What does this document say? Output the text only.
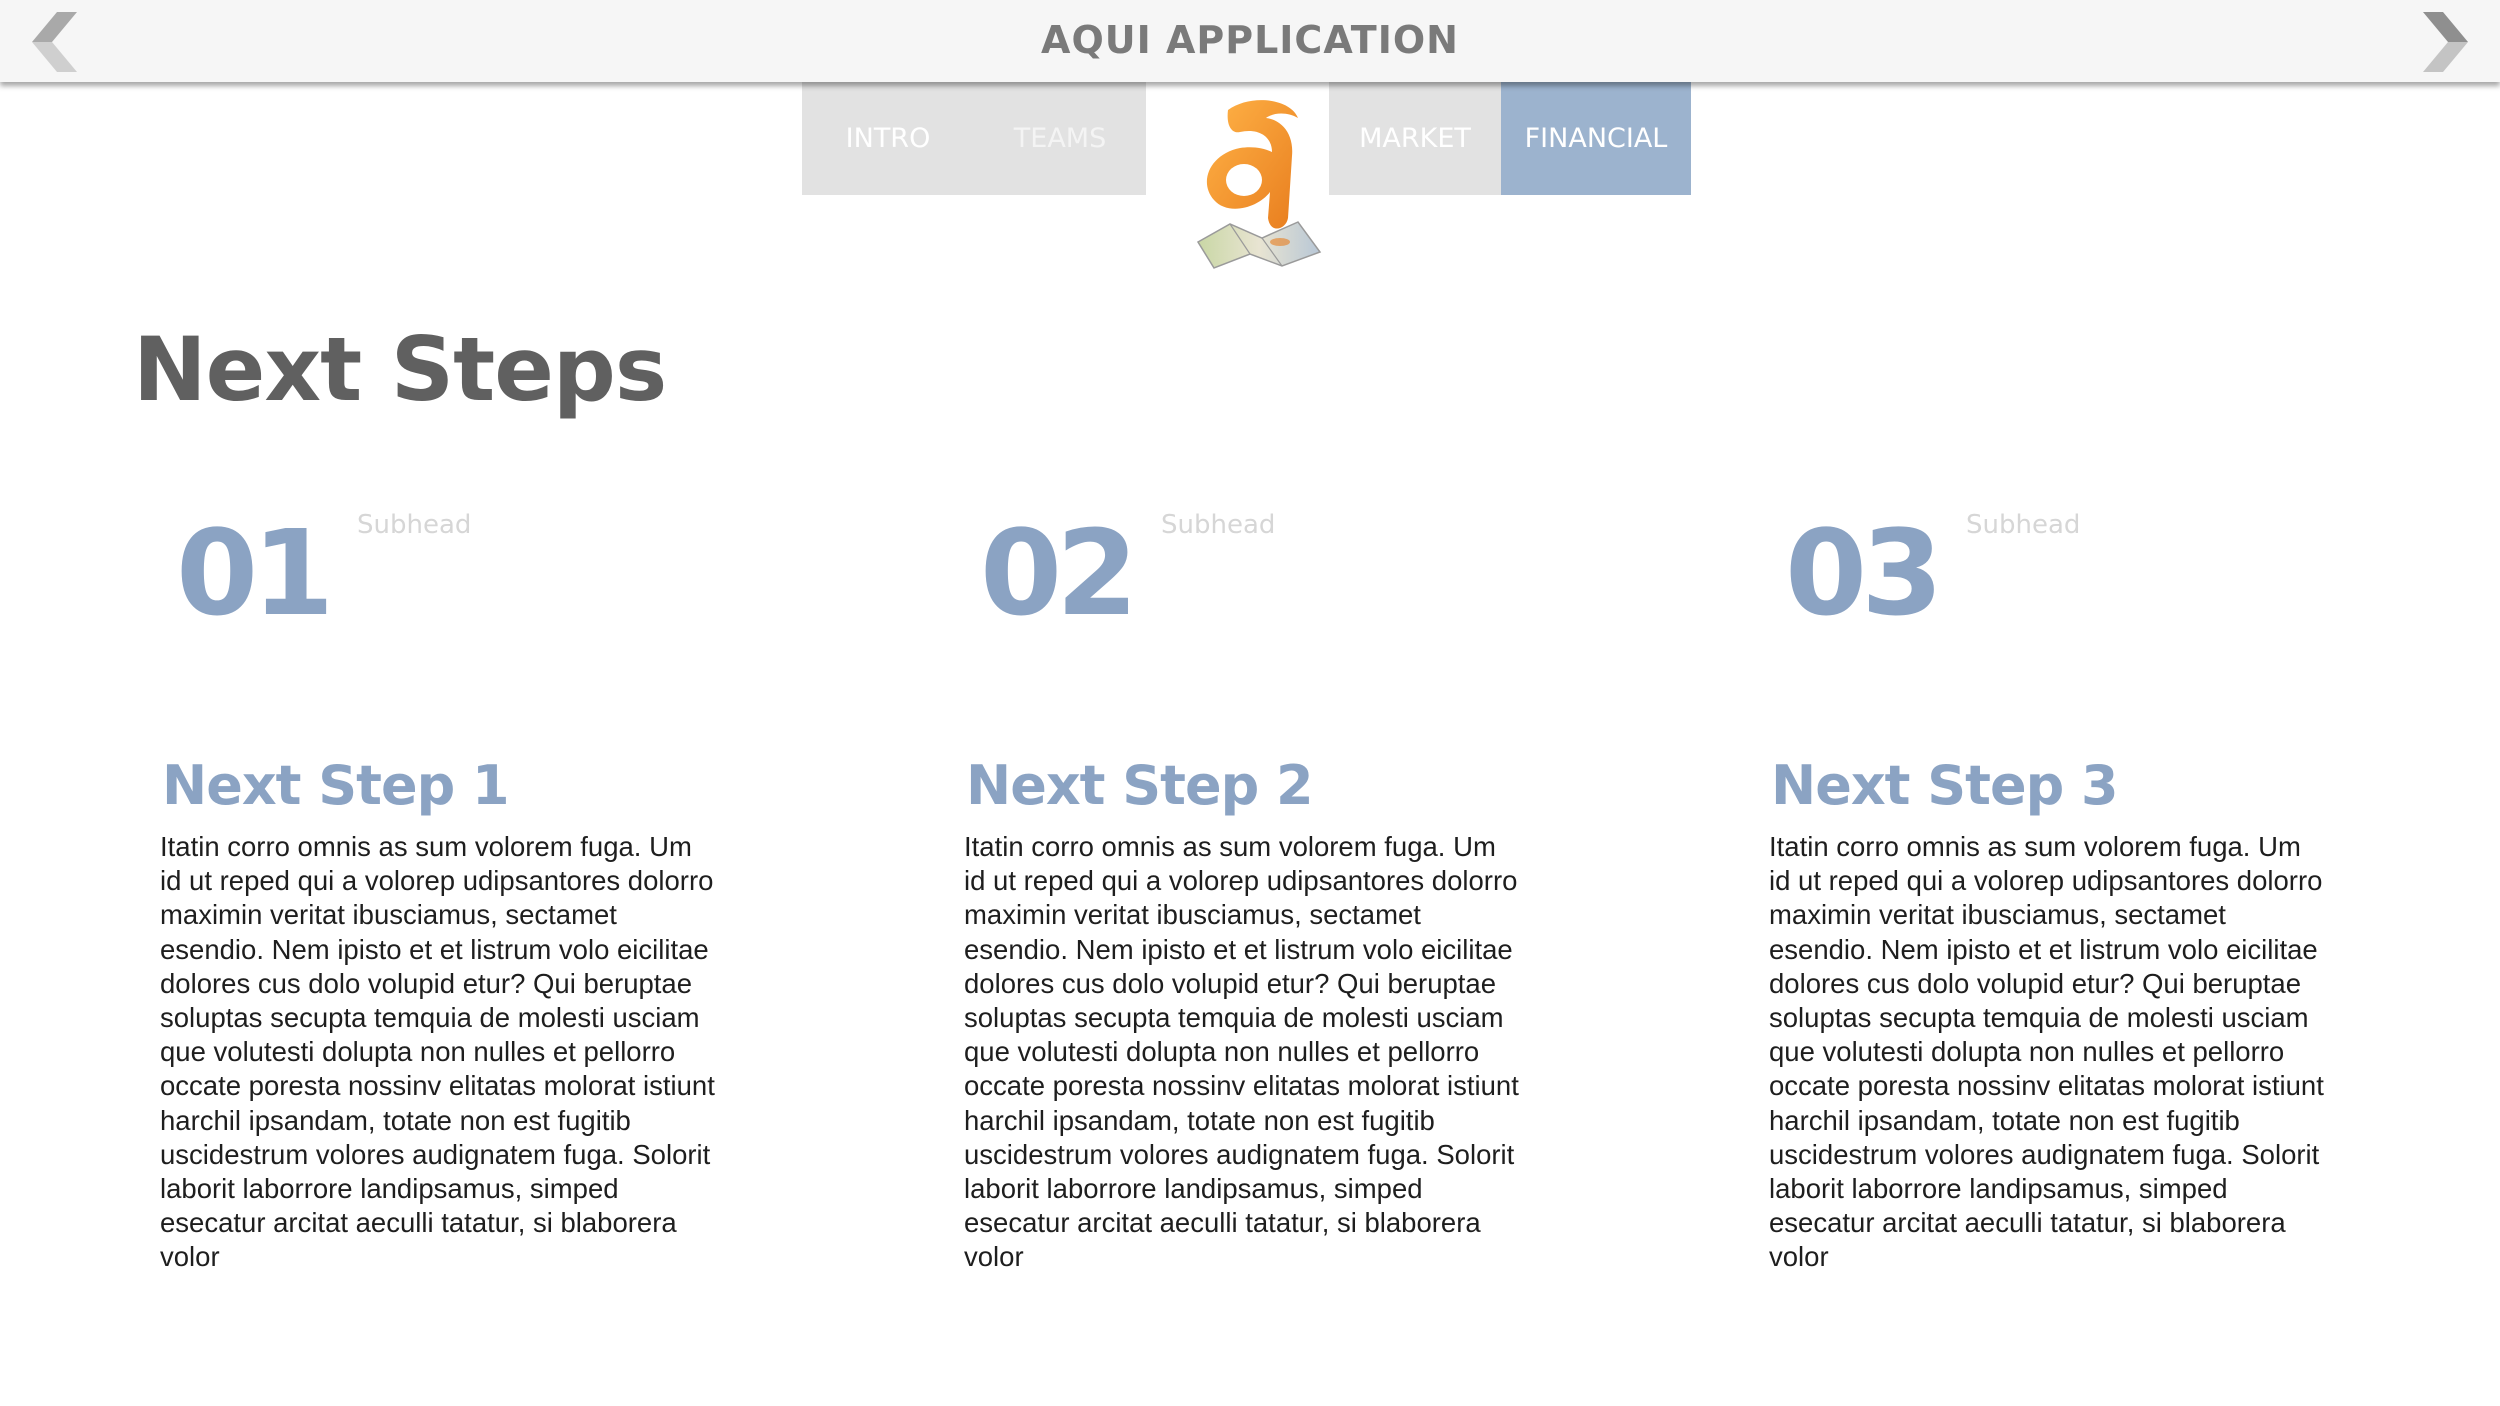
AQUI APPLICATION
INTRO	TEAMS	MARKET	FINANCIAL
Next Steps
01 Subhead
Next Step 1
Itatin corro omnis as sum volorem fuga. Um id ut reped qui a volorep udipsantores dolorro maximin veritat ibusciamus, sectamet esendio. Nem ipisto et et listrum volo eicilitae dolores cus dolo volupid etur? Qui beruptae soluptas secupta temquia de molesti usciam que volutesti dolupta non nulles et pellorro occate poresta nossinv elitatas molorat istiunt harchil ipsandam, totate non est fugitib uscidestrum volores audignatem fuga. Solorit laborit laborrore landipsamus, simped esecatur arcitat aeculli tatatur, si blaborera volor
02 Subhead
Next Step 2
Itatin corro omnis as sum volorem fuga. Um id ut reped qui a volorep udipsantores dolorro maximin veritat ibusciamus, sectamet esendio. Nem ipisto et et listrum volo eicilitae dolores cus dolo volupid etur? Qui beruptae soluptas secupta temquia de molesti usciam que volutesti dolupta non nulles et pellorro occate poresta nossinv elitatas molorat istiunt harchil ipsandam, totate non est fugitib uscidestrum volores audignatem fuga. Solorit laborit laborrore landipsamus, simped esecatur arcitat aeculli tatatur, si blaborera volor
03 Subhead
Next Step 3
Itatin corro omnis as sum volorem fuga. Um id ut reped qui a volorep udipsantores dolorro maximin veritat ibusciamus, sectamet esendio. Nem ipisto et et listrum volo eicilitae dolores cus dolo volupid etur? Qui beruptae soluptas secupta temquia de molesti usciam que volutesti dolupta non nulles et pellorro occate poresta nossinv elitatas molorat istiunt harchil ipsandam, totate non est fugitib uscidestrum volores audignatem fuga. Solorit laborit laborrore landipsamus, simped esecatur arcitat aeculli tatatur, si blaborera volor
